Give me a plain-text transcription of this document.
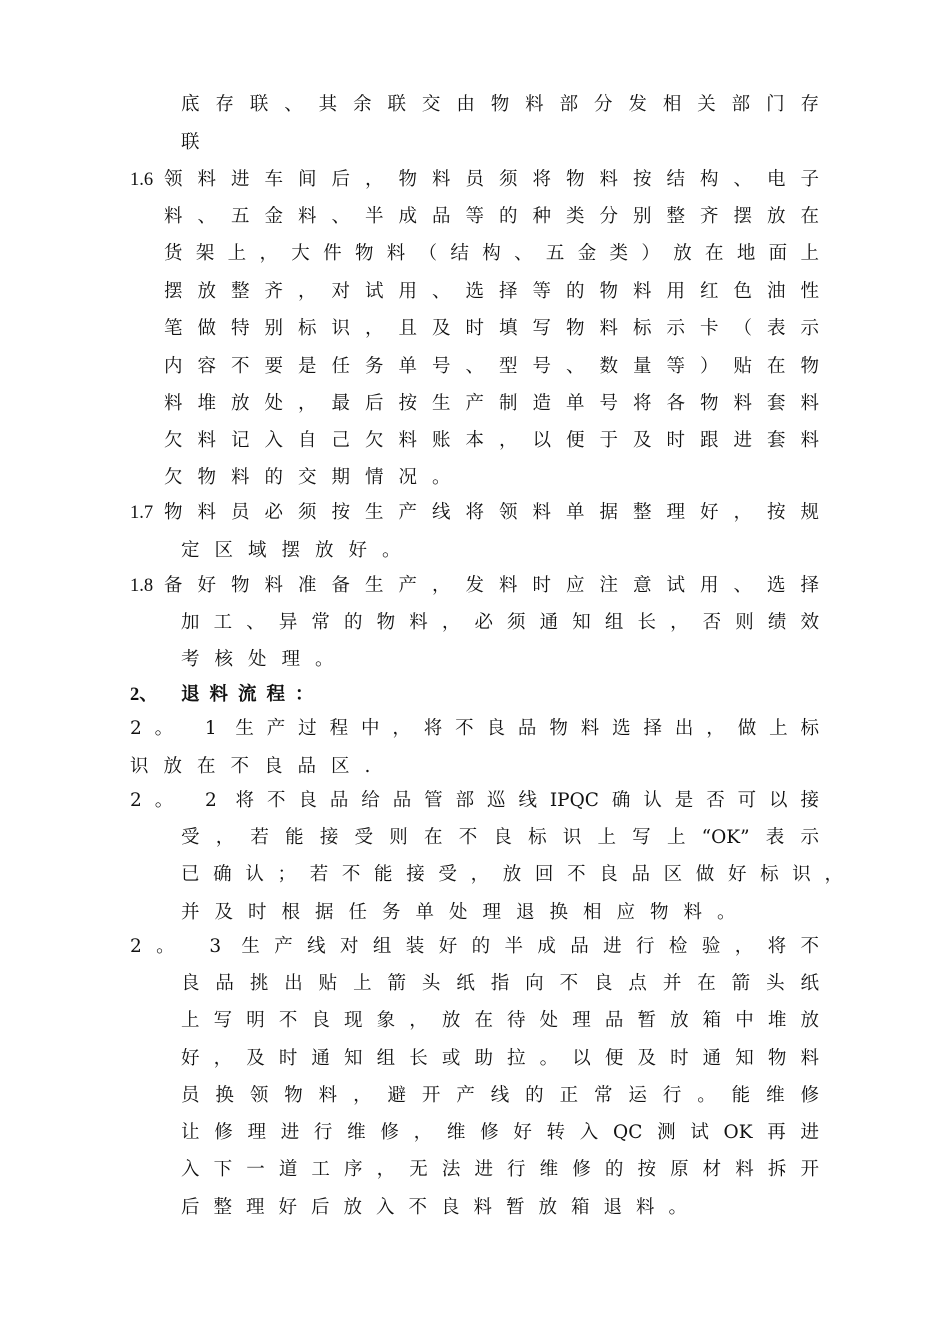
底存联、其余联交由物料部分发相关部门存
联
1.6 领料进车间后，物料员须将物料按结构、电子
料、五金料、半成品等的种类分别整齐摆放在
货架上，大件物料（结构、五金类）放在地面上
摆放整齐，对试用、选择等的物料用红色油性
笔做特别标识，且及时填写物料标示卡（表示
内容不要是任务单号、型号、数量等）贴在物
料堆放处，最后按生产制造单号将各物料套料
欠料记入自己欠料账本，以便于及时跟进套料
欠物料的交期情况。
1.7 物料员必须按生产线将领料单据整理好，按规
定区域摆放好。
1.8 备好物料准备生产，发料时应注意试用、选择
加工、异常的物料，必须通知组长，否则绩效
考核处理。
2、 退料流程：
2。 1 生产过程中，将不良品物料选择出，做上标
识放在不良品区.
2。 2 将不良品给品管部巡线IPQC确认是否可以接
受，若能接受则在不良标识上写上“OK”表示
已确认；若不能接受，放回不良品区做好标识，
并及时根据任务单处理退换相应物料。
2。 3 生产线对组装好的半成品进行检验，将不
良品挑出贴上箭头纸指向不良点并在箭头纸
上写明不良现象，放在待处理品暂放箱中堆放
好，及时通知组长或助拉。以便及时通知物料
员换领物料，避开产线的正常运行。能维修
让修理进行维修，维修好转入QC测试OK再进
入下一道工序，无法进行维修的按原材料拆开
后整理好后放入不良料暂放箱退料。
